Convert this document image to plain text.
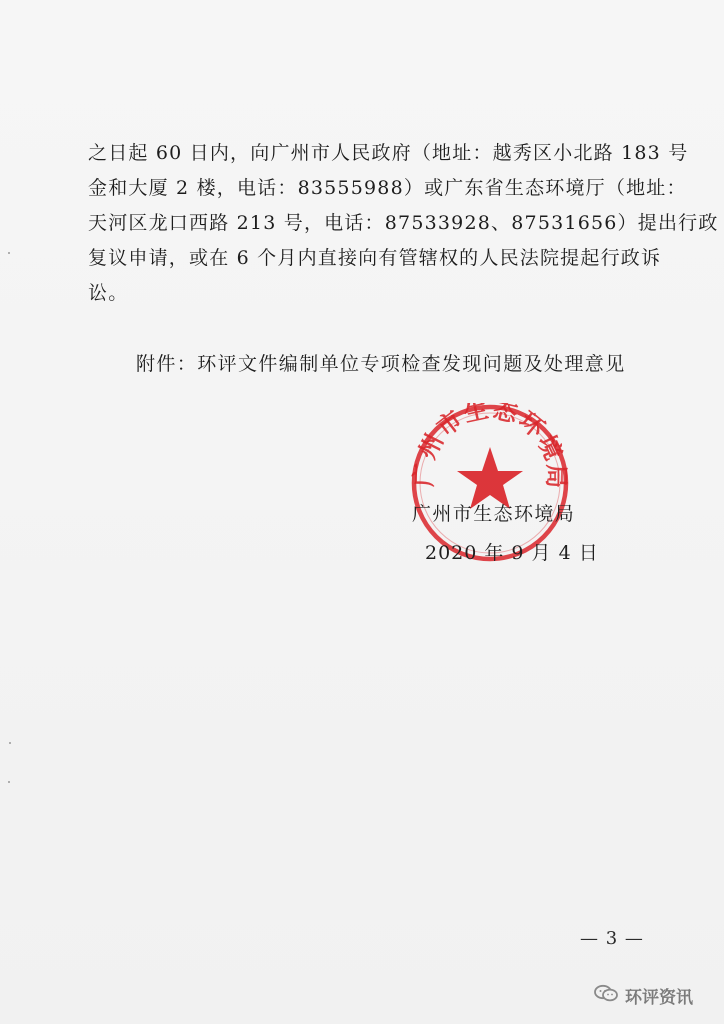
之日起 60 日内，向广州市人民政府（地址：越秀区小北路 183 号
金和大厦 2 楼，电话：83555988）或广东省生态环境厅（地址：
天河区龙口西路 213 号，电话：87533928、87531656）提出行政
复议申请，或在 6 个月内直接向有管辖权的人民法院提起行政诉
讼。
附件：环评文件编制单位专项检查发现问题及处理意见
广州市生态环境局
广州市生态环境局
2020 年 9 月 4 日
— 3 —
环评资讯
